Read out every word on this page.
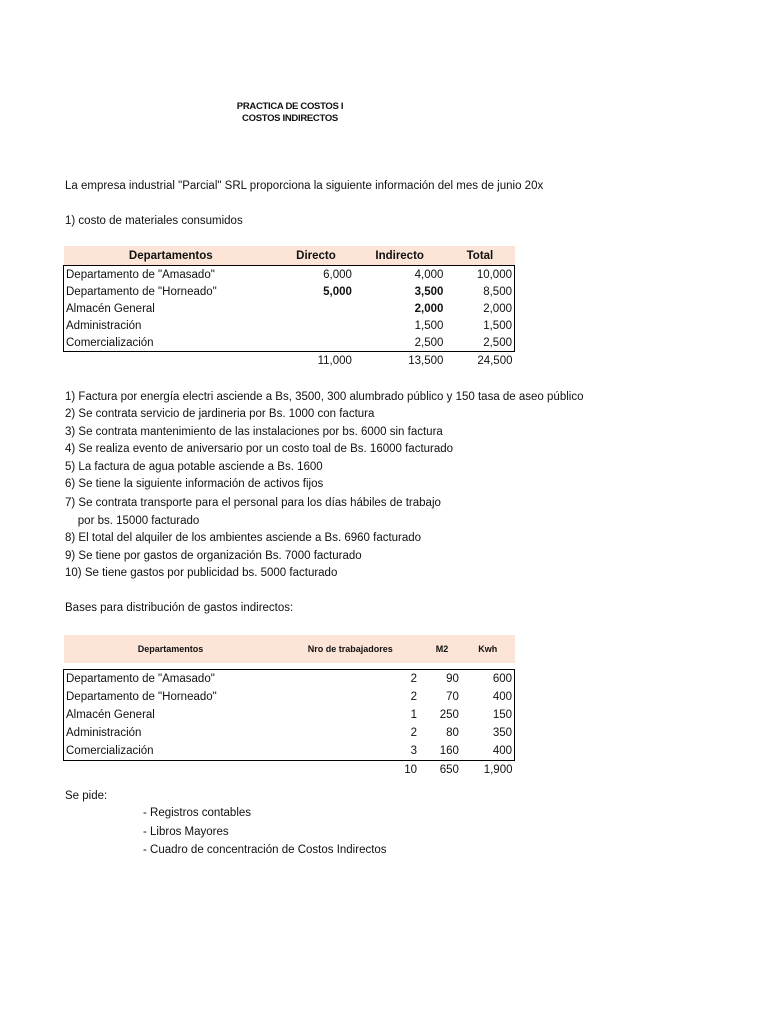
PRACTICA DE COSTOS I
COSTOS INDIRECTOS
La empresa industrial "Parcial" SRL proporciona la siguiente información del mes de junio 20x
1) costo de materiales consumidos
Departamentos	Directo	Indirecto	Total
Departamento de "Amasado"	6,000	4,000	10,000
Departamento de "Horneado"	5,000	3,500	8,500
Almacén General		2,000	2,000
Administración		1,500	1,500
Comercialización		2,500	2,500
	11,000	13,500	24,500
1) Factura por energía electri asciende a Bs, 3500, 300 alumbrado público y 150 tasa de aseo público
2) Se contrata servicio de jardineria por Bs. 1000 con factura
3) Se contrata mantenimiento de las instalaciones por bs. 6000 sin factura
4) Se realiza evento de aniversario por un costo toal de Bs. 16000 facturado
5) La factura de agua potable asciende a Bs. 1600
6) Se tiene la siguiente información de activos fijos
7) Se contrata transporte para el personal para los días hábiles de trabajo
por bs. 15000 facturado
8) El total del alquiler de los ambientes asciende a Bs. 6960 facturado
9) Se tiene por gastos de organización Bs. 7000 facturado
10) Se tiene gastos por publicidad bs. 5000 facturado
Bases para distribución de gastos indirectos:
Departamentos	Nro de trabajadores	M2	Kwh

Departamento de "Amasado"	2	90	600
Departamento de "Horneado"	2	70	400
Almacén General	1	250	150
Administración	2	80	350
Comercialización	3	160	400
	10	650	1,900
Se pide:
- Registros contables
- Libros Mayores
- Cuadro de concentración de Costos Indirectos
